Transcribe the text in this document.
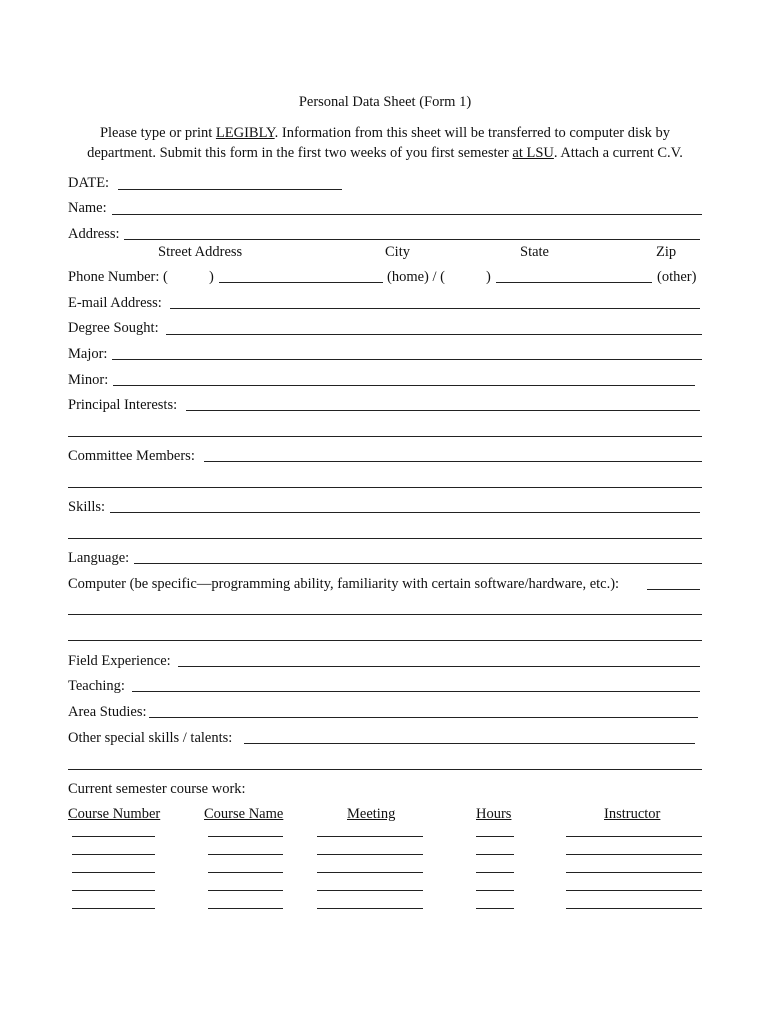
Personal Data Sheet (Form 1)
Please type or print LEGIBLY. Information from this sheet will be transferred to computer disk by
department. Submit this form in the first two weeks of you first semester at LSU. Attach a current C.V.
DATE:
Name:
Address:
Street Address	City	State	Zip
Phone Number: (	)	(home) / (	)	(other)
E-mail Address:
Degree Sought:
Major:
Minor:
Principal Interests:
Committee Members:
Skills:
Language:
Computer (be specific—programming ability, familiarity with certain software/hardware, etc.):
Field Experience:
Teaching:
Area Studies:
Other special skills / talents:
Current semester course work:
Course Number	Course Name	Meeting	Hours	Instructor
